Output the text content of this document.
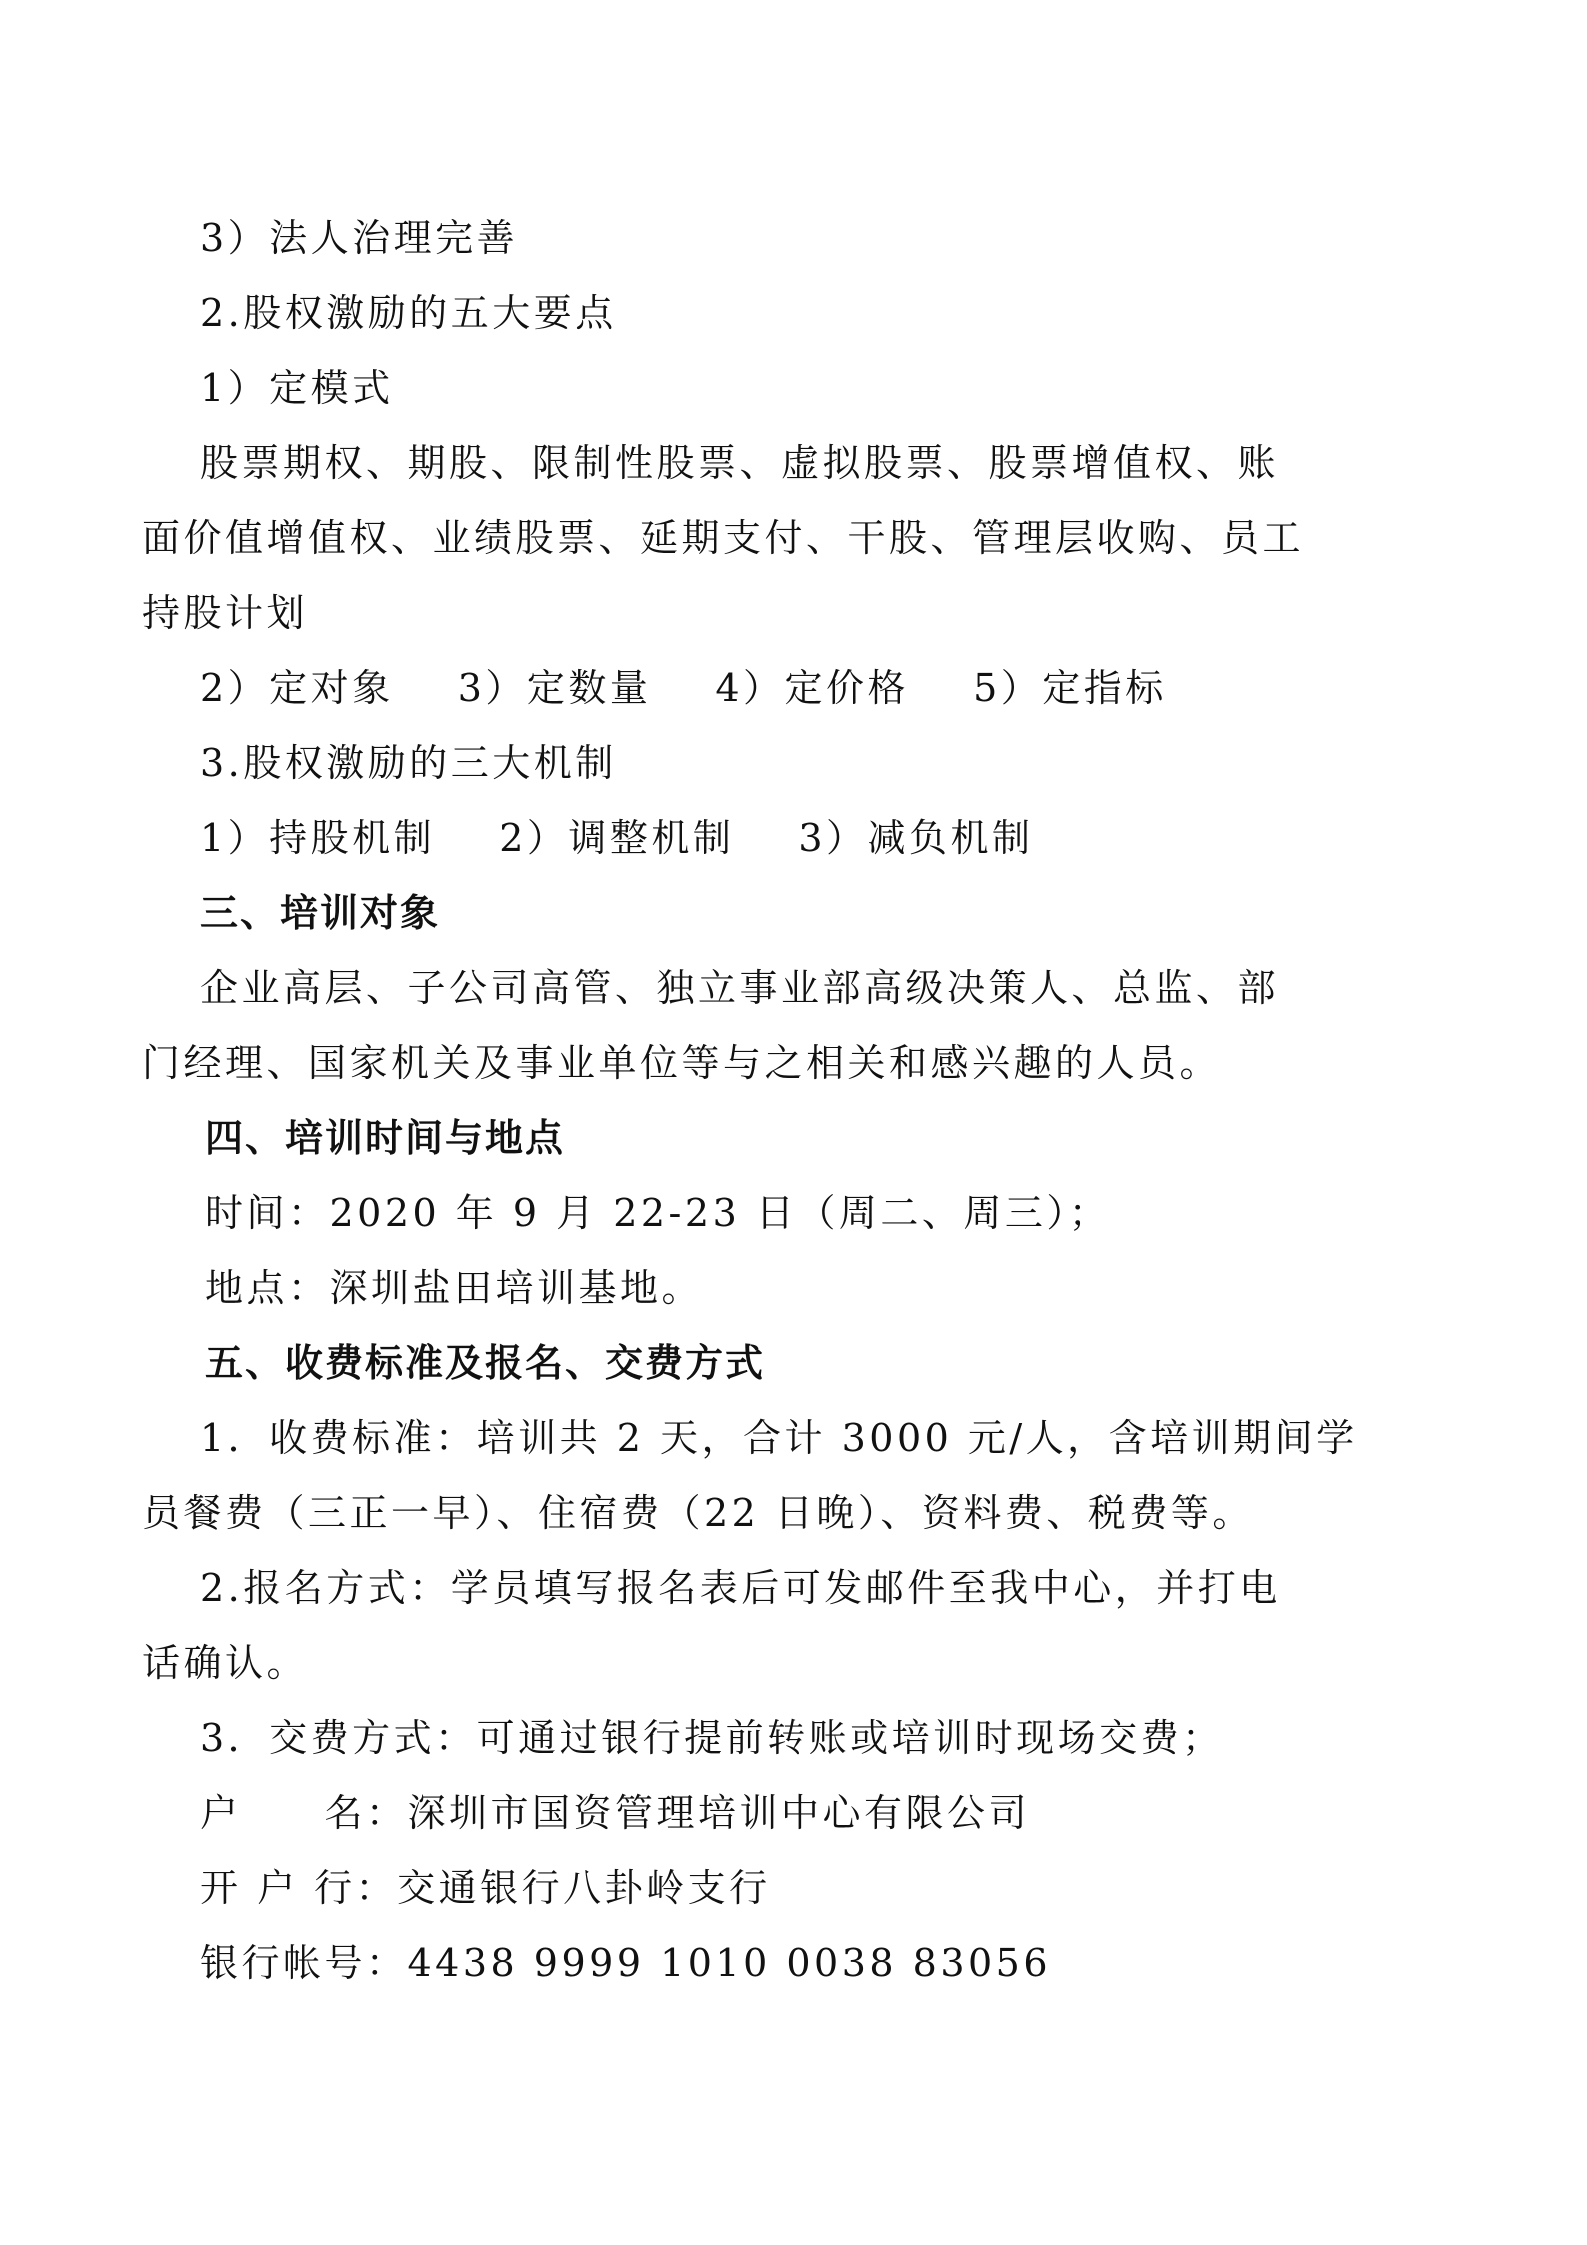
3）法人治理完善

2.股权激励的五大要点

1）定模式

股票期权、期股、限制性股票、虚拟股票、股票增值权、账

面价值增值权、业绩股票、延期支付、干股、管理层收购、员工

持股计划

2）定对象 3）定数量 4）定价格 5）定指标

3.股权激励的三大机制

1）持股机制 2）调整机制 3）减负机制

三、培训对象

企业高层、子公司高管、独立事业部高级决策人、总监、部

门经理、国家机关及事业单位等与之相关和感兴趣的人员。

四、培训时间与地点

时间：2020 年 9 月 22-23 日（周二、周三）；

地点：深圳盐田培训基地。

五、收费标准及报名、交费方式

1．收费标准：培训共 2 天，合计 3000 元/人，含培训期间学

员餐费（三正一早）、住宿费（22 日晚）、资料费、税费等。

2.报名方式：学员填写报名表后可发邮件至我中心，并打电

话确认。

3．交费方式：可通过银行提前转账或培训时现场交费；

户　　名：深圳市国资管理培训中心有限公司

开 户 行：交通银行八卦岭支行

银行帐号：4438 9999 1010 0038 83056
